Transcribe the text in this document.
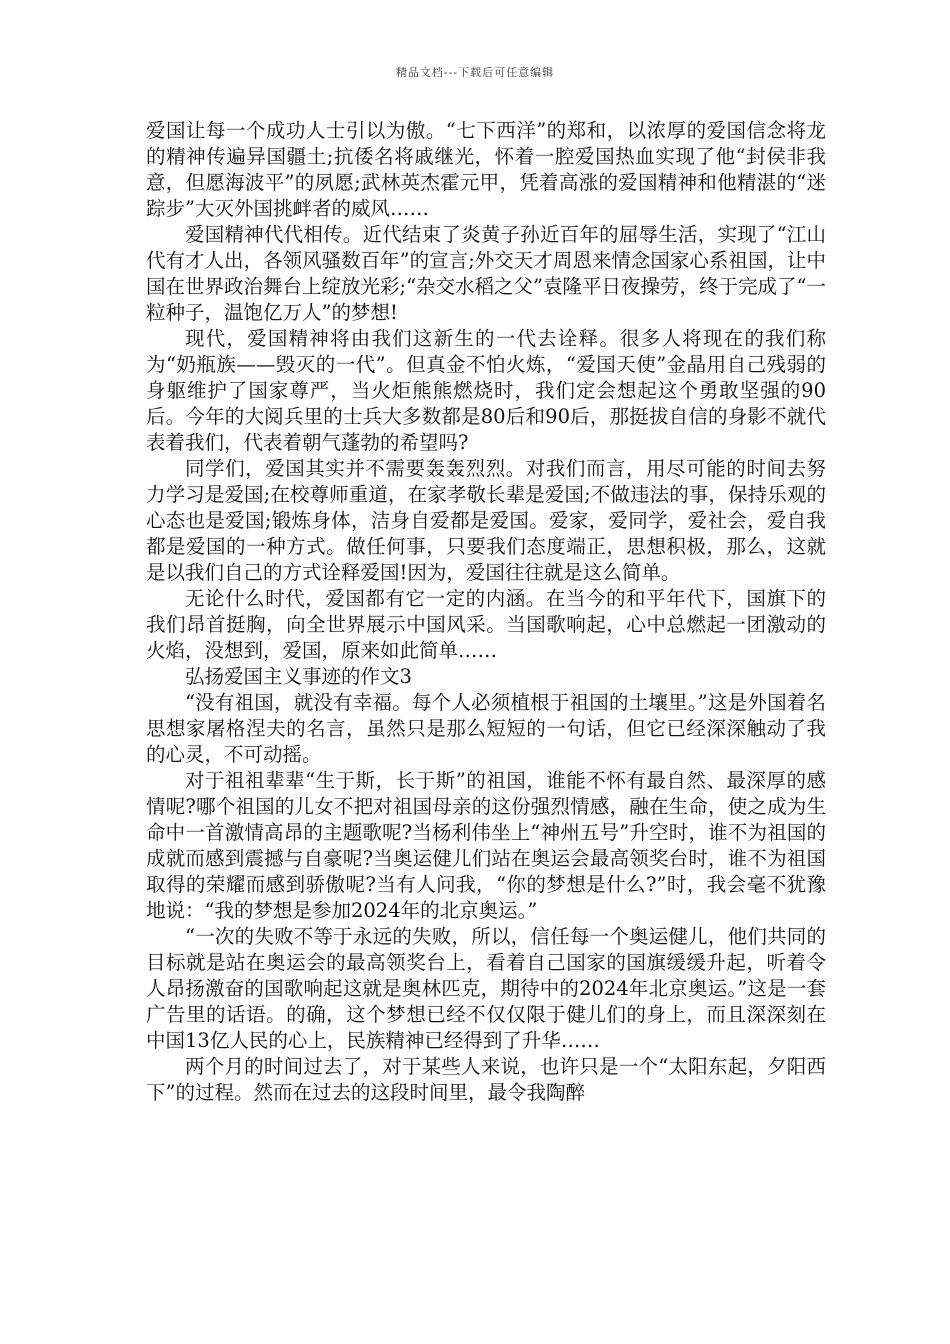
精品文档---下载后可任意编辑

爱国让每一个成功人士引以为傲。“七下西洋”的郑和，以浓厚的爱国信念将龙的精神传遍异国疆土;抗倭名将戚继光，怀着一腔爱国热血实现了他“封侯非我意，但愿海波平”的夙愿;武林英杰霍元甲，凭着高涨的爱国精神和他精湛的“迷踪步”大灭外国挑衅者的威风……

爱国精神代代相传。近代结束了炎黄子孙近百年的屈辱生活，实现了“江山代有才人出，各领风骚数百年”的宣言;外交天才周恩来情念国家心系祖国，让中国在世界政治舞台上绽放光彩;“杂交水稻之父”袁隆平日夜操劳，终于完成了“一粒种子，温饱亿万人”的梦想!

现代，爱国精神将由我们这新生的一代去诠释。很多人将现在的我们称为“奶瓶族——毁灭的一代”。但真金不怕火炼，“爱国天使”金晶用自己残弱的身躯维护了国家尊严，当火炬熊熊燃烧时，我们定会想起这个勇敢坚强的90后。今年的大阅兵里的士兵大多数都是80后和90后，那挺拔自信的身影不就代表着我们，代表着朝气蓬勃的希望吗?

同学们，爱国其实并不需要轰轰烈烈。对我们而言，用尽可能的时间去努力学习是爱国;在校尊师重道，在家孝敬长辈是爱国;不做违法的事，保持乐观的心态也是爱国;锻炼身体，洁身自爱都是爱国。爱家，爱同学，爱社会，爱自我都是爱国的一种方式。做任何事，只要我们态度端正，思想积极，那么，这就是以我们自己的方式诠释爱国!因为，爱国往往就是这么简单。

无论什么时代，爱国都有它一定的内涵。在当今的和平年代下，国旗下的我们昂首挺胸，向全世界展示中国风采。当国歌响起，心中总燃起一团激动的火焰，没想到，爱国，原来如此简单……

弘扬爱国主义事迹的作文3

“没有祖国，就没有幸福。每个人必须植根于祖国的土壤里。”这是外国着名思想家屠格涅夫的名言，虽然只是那么短短的一句话，但它已经深深触动了我的心灵，不可动摇。

对于祖祖辈辈“生于斯，长于斯”的祖国，谁能不怀有最自然、最深厚的感情呢?哪个祖国的儿女不把对祖国母亲的这份强烈情感，融在生命，使之成为生命中一首激情高昂的主题歌呢?当杨利伟坐上“神州五号”升空时，谁不为祖国的成就而感到震撼与自豪呢?当奥运健儿们站在奥运会最高领奖台时，谁不为祖国取得的荣耀而感到骄傲呢?当有人问我，“你的梦想是什么?”时，我会毫不犹豫地说：“我的梦想是参加2024年的北京奥运。”

“一次的失败不等于永远的失败，所以，信任每一个奥运健儿，他们共同的目标就是站在奥运会的最高领奖台上，看着自己国家的国旗缓缓升起，听着令人昂扬激奋的国歌响起这就是奥林匹克，期待中的2024年北京奥运。”这是一套广告里的话语。的确，这个梦想已经不仅仅限于健儿们的身上，而且深深刻在中国13亿人民的心上，民族精神已经得到了升华……

两个月的时间过去了，对于某些人来说，也许只是一个“太阳东起，夕阳西下”的过程。然而在过去的这段时间里，最令我陶醉
